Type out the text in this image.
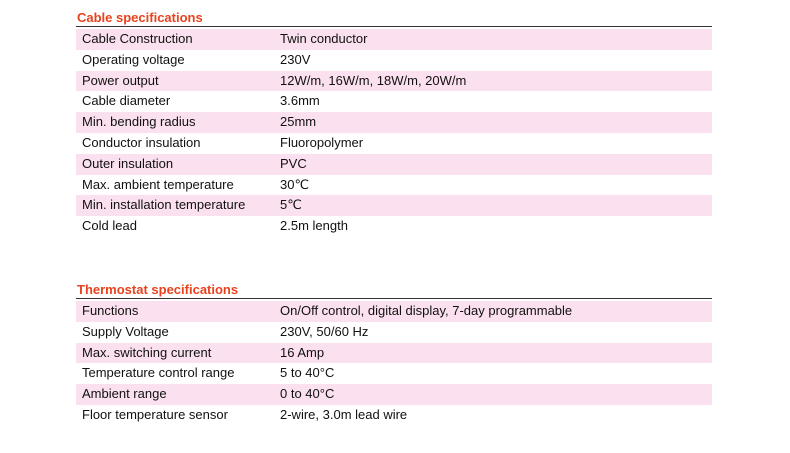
Cable specifications
Cable Construction	Twin conductor
Operating voltage	230V
Power output	12W/m, 16W/m, 18W/m, 20W/m
Cable diameter	3.6mm
Min. bending radius	25mm
Conductor insulation	Fluoropolymer
Outer insulation	PVC
Max. ambient temperature	30℃
Min. installation temperature	5℃
Cold lead	2.5m length
Thermostat specifications
Functions	On/Off control, digital display, 7-day programmable
Supply Voltage	230V, 50/60 Hz
Max. switching current	16 Amp
Temperature control range	5 to 40°C
Ambient range	0 to 40°C
Floor temperature sensor	2-wire, 3.0m lead wire
